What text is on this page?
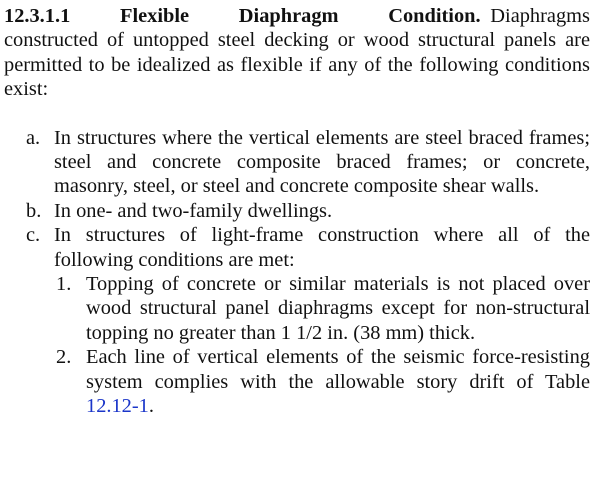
12.3.1.1 Flexible Diaphragm Condition. Diaphragms constructed of untopped steel decking or wood structural panels are permitted to be idealized as flexible if any of the following conditions exist:

a. In structures where the vertical elements are steel braced frames; steel and concrete composite braced frames; or concrete, masonry, steel, or steel and concrete composite shear walls.
b. In one- and two-family dwellings.
c. In structures of light-frame construction where all of the following conditions are met:
1. Topping of concrete or similar materials is not placed over wood structural panel diaphragms except for non-structural topping no greater than 1 1/2 in. (38 mm) thick.
2. Each line of vertical elements of the seismic force-resisting system complies with the allowable story drift of Table 12.12-1.
